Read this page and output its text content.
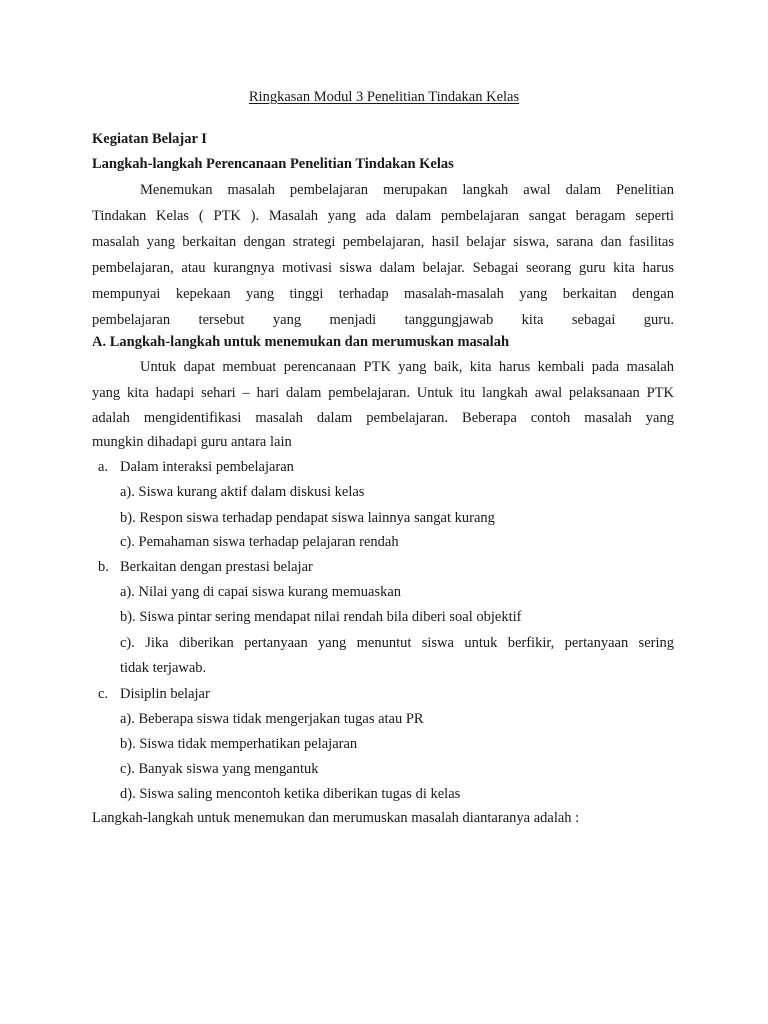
Ringkasan Modul 3 Penelitian Tindakan Kelas
Kegiatan Belajar I
Langkah-langkah Perencanaan Penelitian Tindakan Kelas
Menemukan masalah pembelajaran merupakan langkah awal dalam Penelitian
Tindakan Kelas ( PTK ). Masalah yang ada dalam pembelajaran sangat beragam seperti
masalah yang berkaitan dengan strategi pembelajaran, hasil belajar siswa, sarana dan fasilitas
pembelajaran, atau kurangnya motivasi siswa dalam belajar. Sebagai seorang guru kita harus
mempunyai kepekaan yang tinggi terhadap masalah-masalah yang berkaitan dengan
pembelajaran tersebut yang menjadi tanggungjawab kita sebagai guru.
A. Langkah-langkah untuk menemukan dan merumuskan masalah
Untuk dapat membuat perencanaan PTK yang baik, kita harus kembali pada masalah
yang kita hadapi sehari – hari dalam pembelajaran. Untuk itu langkah awal pelaksanaan PTK
adalah mengidentifikasi masalah dalam pembelajaran. Beberapa contoh masalah yang
mungkin dihadapi guru antara lain
a. Dalam interaksi pembelajaran
a). Siswa kurang aktif dalam diskusi kelas
b). Respon siswa terhadap pendapat siswa lainnya sangat kurang
c). Pemahaman siswa terhadap pelajaran rendah
b. Berkaitan dengan prestasi belajar
a). Nilai yang di capai siswa kurang memuaskan
b). Siswa pintar sering mendapat nilai rendah bila diberi soal objektif
c). Jika diberikan pertanyaan yang menuntut siswa untuk berfikir, pertanyaan sering
tidak terjawab.
c. Disiplin belajar
a). Beberapa siswa tidak mengerjakan tugas atau PR
b). Siswa tidak memperhatikan pelajaran
c). Banyak siswa yang mengantuk
d). Siswa saling mencontoh ketika diberikan tugas di kelas
Langkah-langkah untuk menemukan dan merumuskan masalah diantaranya adalah :
